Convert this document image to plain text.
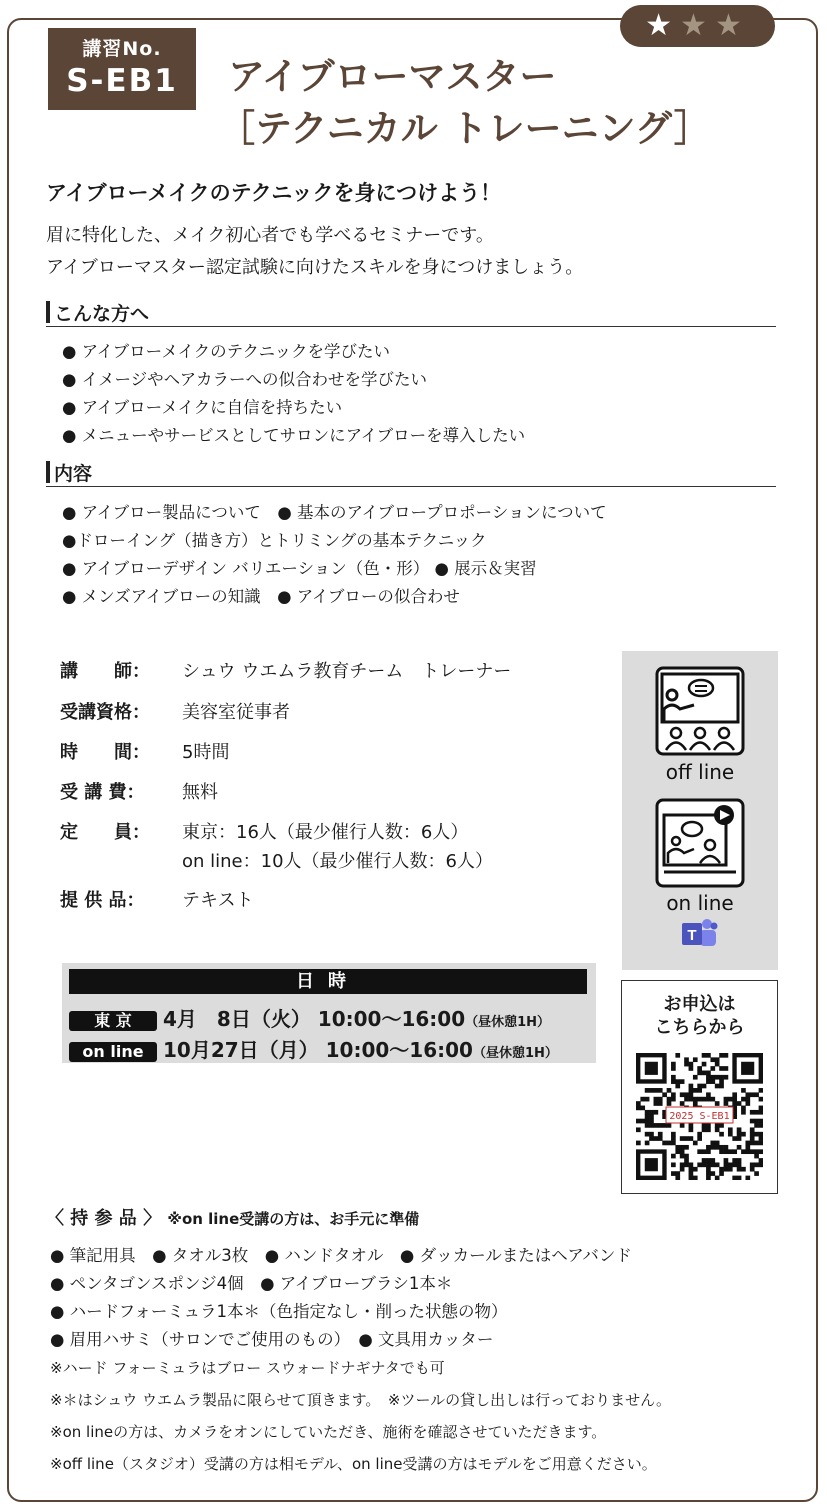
講習No.
S-EB1
★★★
アイブローマスター
［テクニカル トレーニング］
アイブローメイクのテクニックを身につけよう！
眉に特化した、メイク初心者でも学べるセミナーです。
アイブローマスター認定試験に向けたスキルを身につけましょう。
こんな方へ
● アイブローメイクのテクニックを学びたい
● イメージやヘアカラーへの似合わせを学びたい
● アイブローメイクに自信を持ちたい
● メニューやサービスとしてサロンにアイブローを導入したい
内容
● アイブロー製品について　● 基本のアイブロープロポーションについて
●ドローイング（描き方）とトリミングの基本テクニック
● アイブローデザイン バリエーション（色・形） ● 展示＆実習
● メンズアイブローの知識　● アイブローの似合わせ
講　　師： シュウ ウエムラ教育チーム　トレーナー
受講資格： 美容室従事者
時　　間： 5時間
受 講 費： 無料
定　　員： 東京：16人（最少催行人数：6人）
on line：10人（最少催行人数：6人）
提 供 品： テキスト
off line
on line
T
日時
東 京 4月　8日（火） 10:00〜16:00（昼休憩1H）
on line 10月27日（月） 10:00〜16:00（昼休憩1H）
お申込は
こちらから
2025 S-EB1
〈 持 参 品 〉 ※on line受講の方は、お手元に準備
● 筆記用具　● タオル3枚　● ハンドタオル　● ダッカールまたはヘアバンド
● ペンタゴンスポンジ4個　● アイブローブラシ1本＊
● ハードフォーミュラ1本＊（色指定なし・削った状態の物）
● 眉用ハサミ（サロンでご使用のもの）　● 文具用カッター
※ハード フォーミュラはブロー スウォードナギナタでも可
※＊はシュウ ウエムラ製品に限らせて頂きます。　※ツールの貸し出しは行っておりません。
※on lineの方は、カメラをオンにしていただき、施術を確認させていただきます。
※off line（スタジオ）受講の方は相モデル、on line受講の方はモデルをご用意ください。
